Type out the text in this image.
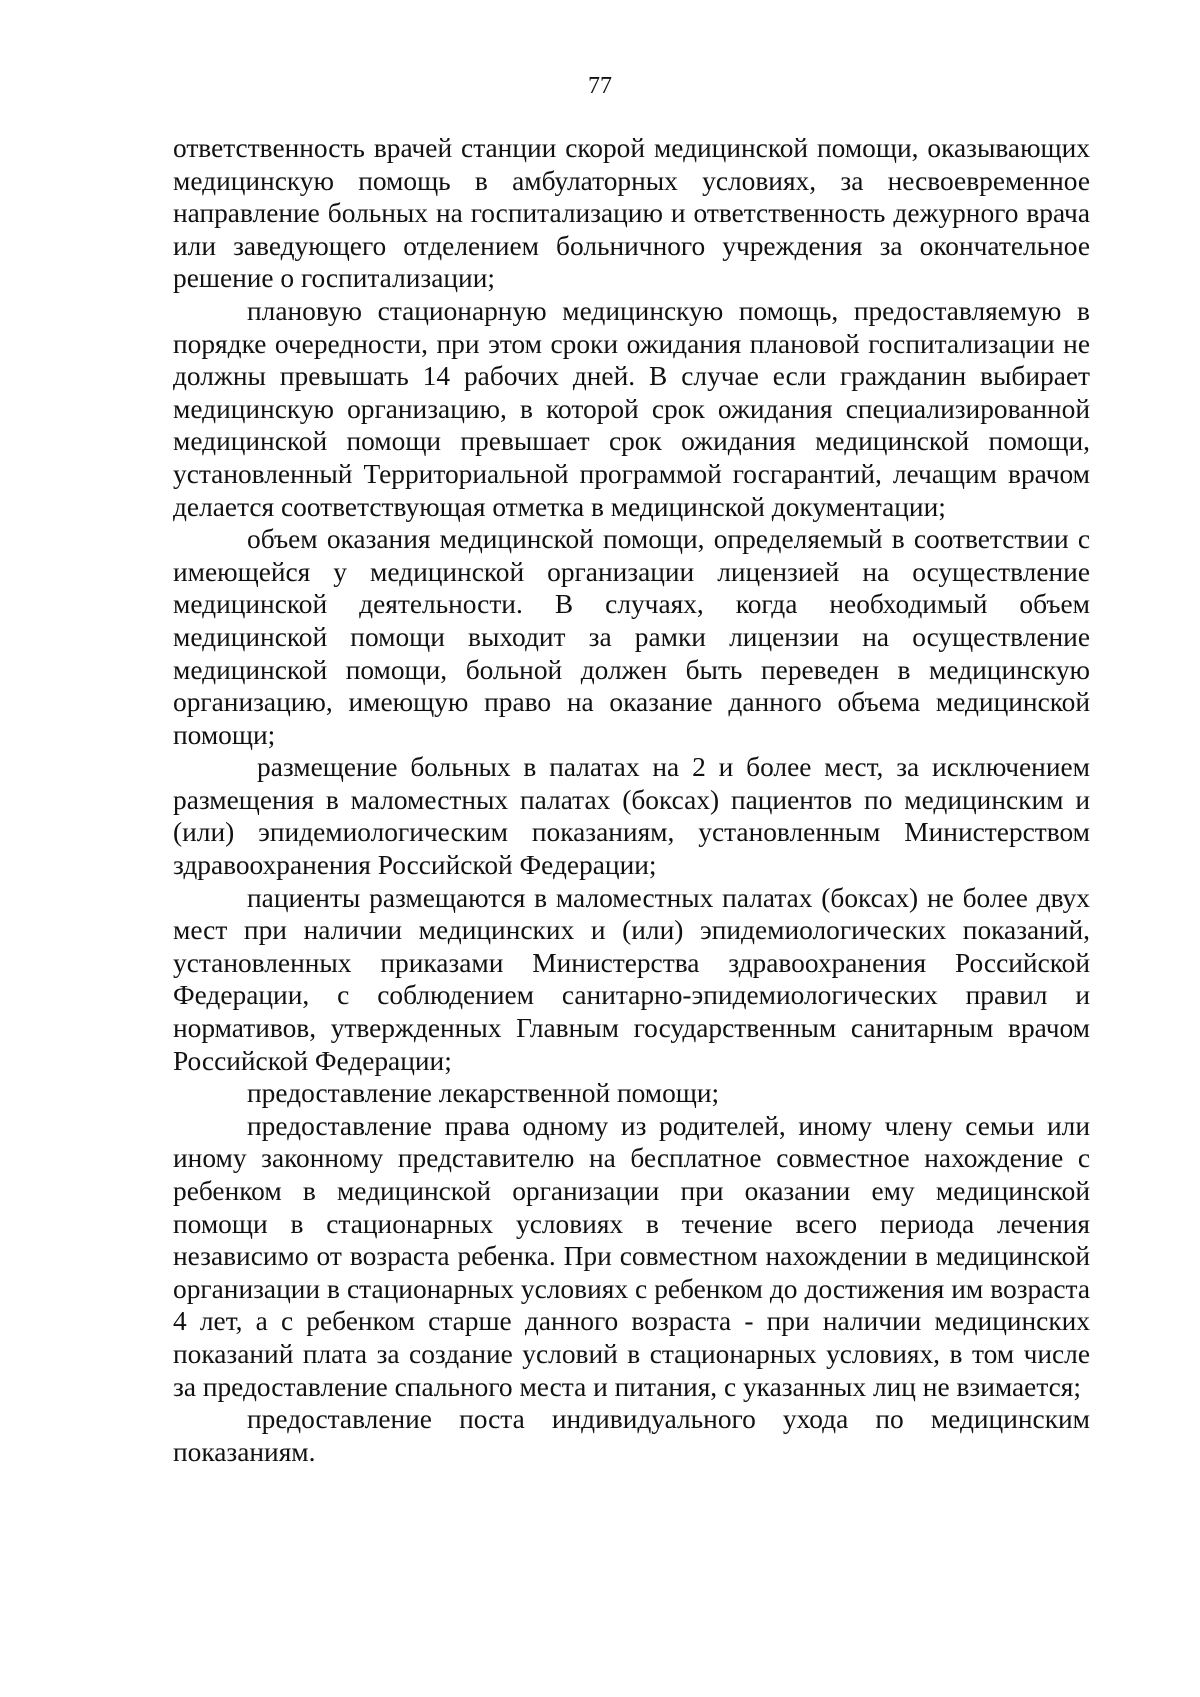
77

ответственность врачей станции скорой медицинской помощи, оказывающих медицинскую помощь в амбулаторных условиях, за несвоевременное направление больных на госпитализацию и ответственность дежурного врача или заведующего отделением больничного учреждения за окончательное решение о госпитализации;

плановую стационарную медицинскую помощь, предоставляемую в порядке очередности, при этом сроки ожидания плановой госпитализации не должны превышать 14 рабочих дней. В случае если гражданин выбирает медицинскую организацию, в которой срок ожидания специализированной медицинской помощи превышает срок ожидания медицинской помощи, установленный Территориальной программой госгарантий, лечащим врачом делается соответствующая отметка в медицинской документации;

объем оказания медицинской помощи, определяемый в соответствии с имеющейся у медицинской организации лицензией на осуществление медицинской деятельности. В случаях, когда необходимый объем медицинской помощи выходит за рамки лицензии на осуществление медицинской помощи, больной должен быть переведен в медицинскую организацию, имеющую право на оказание данного объема медицинской помощи;

размещение больных в палатах на 2 и более мест, за исключением размещения в маломестных палатах (боксах) пациентов по медицинским и (или) эпидемиологическим показаниям, установленным Министерством здравоохранения Российской Федерации;

пациенты размещаются в маломестных палатах (боксах) не более двух мест при наличии медицинских и (или) эпидемиологических показаний, установленных приказами Министерства здравоохранения Российской Федерации, с соблюдением санитарно-эпидемиологических правил и нормативов, утвержденных Главным государственным санитарным врачом Российской Федерации;

предоставление лекарственной помощи;

предоставление права одному из родителей, иному члену семьи или иному законному представителю на бесплатное совместное нахождение с ребенком в медицинской организации при оказании ему медицинской помощи в стационарных условиях в течение всего периода лечения независимо от возраста ребенка. При совместном нахождении в медицинской организации в стационарных условиях с ребенком до достижения им возраста 4 лет, а с ребенком старше данного возраста - при наличии медицинских показаний плата за создание условий в стационарных условиях, в том числе за предоставление спального места и питания, с указанных лиц не взимается;

предоставление поста индивидуального ухода по медицинским показаниям.
